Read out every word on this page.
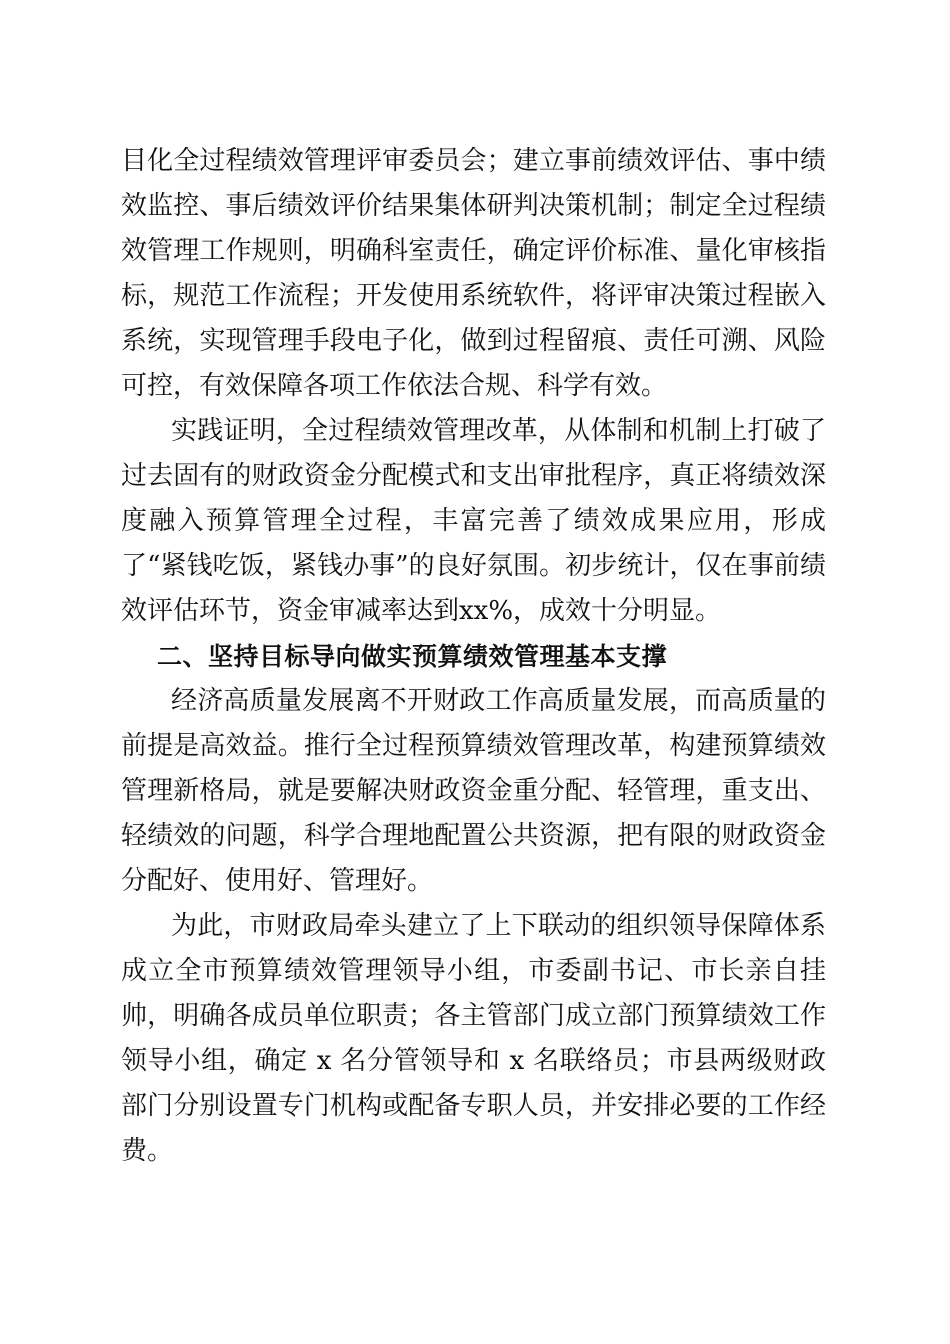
目化全过程绩效管理评审委员会；建立事前绩效评估、事中绩效监控、事后绩效评价结果集体研判决策机制；制定全过程绩效管理工作规则，明确科室责任，确定评价标准、量化审核指标，规范工作流程；开发使用系统软件，将评审决策过程嵌入系统，实现管理手段电子化，做到过程留痕、责任可溯、风险可控，有效保障各项工作依法合规、科学有效。

实践证明，全过程绩效管理改革，从体制和机制上打破了过去固有的财政资金分配模式和支出审批程序，真正将绩效深度融入预算管理全过程，丰富完善了绩效成果应用，形成了“紧钱吃饭，紧钱办事”的良好氛围。初步统计，仅在事前绩效评估环节，资金审减率达到xx%，成效十分明显。

二、坚持目标导向做实预算绩效管理基本支撑

经济高质量发展离不开财政工作高质量发展，而高质量的前提是高效益。推行全过程预算绩效管理改革，构建预算绩效管理新格局，就是要解决财政资金重分配、轻管理，重支出、轻绩效的问题，科学合理地配置公共资源，把有限的财政资金分配好、使用好、管理好。

为此，市财政局牵头建立了上下联动的组织领导保障体系成立全市预算绩效管理领导小组，市委副书记、市长亲自挂帅，明确各成员单位职责；各主管部门成立部门预算绩效工作领导小组，确定 x 名分管领导和 x 名联络员；市县两级财政部门分别设置专门机构或配备专职人员，并安排必要的工作经费。
